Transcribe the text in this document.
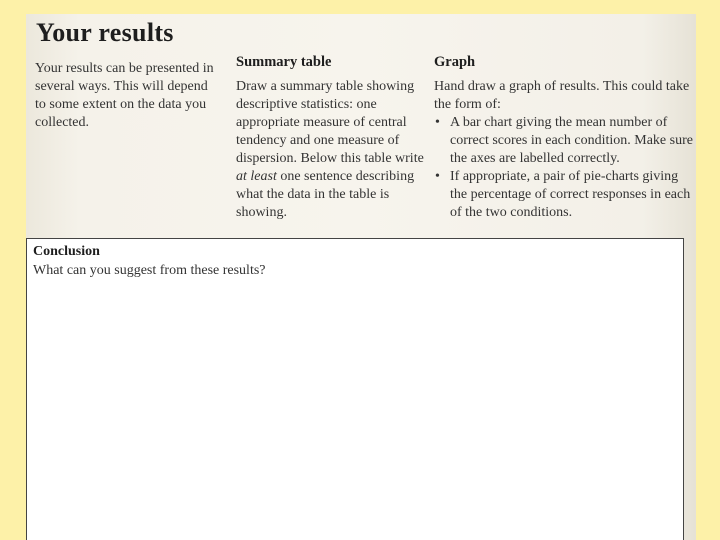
Your results
Your results can be presented in several ways. This will depend to some extent on the data you collected.
Summary table
Draw a summary table showing descriptive statistics: one appropriate measure of central tendency and one measure of dispersion. Below this table write at least one sentence describing what the data in the table is showing.
Graph
Hand draw a graph of results. This could take the form of:
• A bar chart giving the mean number of correct scores in each condition. Make sure the axes are labelled correctly.
• If appropriate, a pair of pie-charts giving the percentage of correct responses in each of the two conditions.
Conclusion
What can you suggest from these results?
